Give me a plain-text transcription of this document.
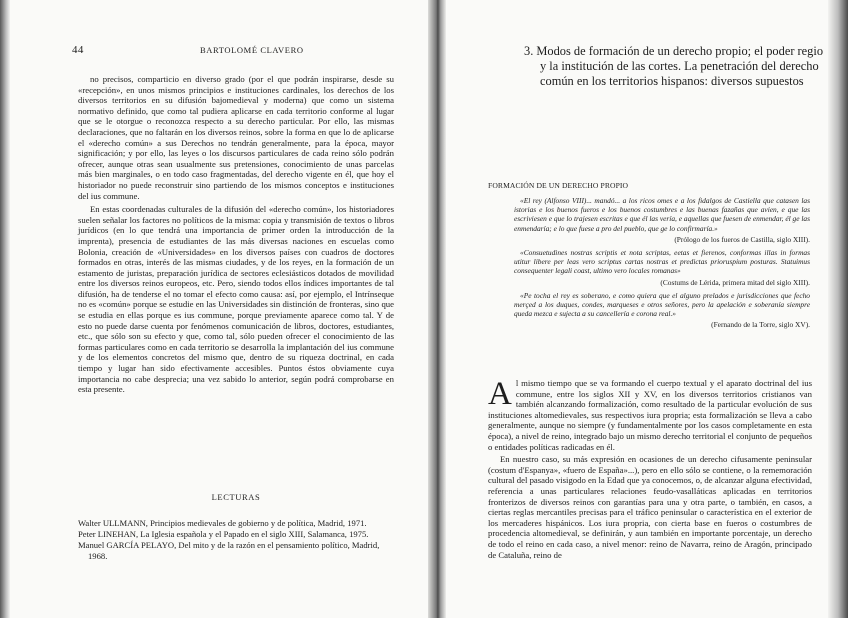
44	BARTOLOMÉ CLAVERO

no precisos, comparticio en diverso grado (por el que podrán inspirarse, desde su «recepción», en unos mismos principios e instituciones cardinales, los derechos de los diversos territorios en su difusión bajomedieval y moderna) que como un sistema normativo definido, que como tal pudiera aplicarse en cada territorio conforme al lugar que se le otorgue o reconozca respecto a su derecho particular. Por ello, las mismas declaraciones, que no faltarán en los diversos reinos, sobre la forma en que lo de aplicarse el «derecho común» a sus Derechos no tendrán generalmente, para la época, mayor significación; y por ello, las leyes o los discursos particulares de cada reino sólo podrán ofrecer, aunque otras sean usualmente sus pretensiones, conocimiento de unas parcelas más bien marginales, o en todo caso fragmentadas, del derecho vigente en él, que hoy el historiador no puede reconstruir sino partiendo de los mismos conceptos e instituciones del ius commune.

En estas coordenadas culturales de la difusión del «derecho común», los historiadores suelen señalar los factores no políticos de la misma: copia y transmisión de textos o libros jurídicos (en lo que tendrá una importancia de primer orden la introducción de la imprenta), presencia de estudiantes de las más diversas naciones en escuelas como Bolonia, creación de «Universidades» en los diversos países con cuadros de doctores formados en otras, interés de las mismas ciudades, y de los reyes, en la formación de un estamento de juristas, preparación jurídica de sectores eclesiásticos dotados de movilidad entre los diversos reinos europeos, etc. Pero, siendo todos ellos índices importantes de tal difusión, ha de tenderse el no tomar el efecto como causa: así, por ejemplo, el Intrínseque no es «común» porque se estudie en las Universidades sin distinción de fronteras, sino que se estudia en ellas porque es ius commune, porque previamente aparece como tal. Y de esto no puede darse cuenta por fenómenos comunicación de libros, doctores, estudiantes, etc., que sólo son su efecto y que, como tal, sólo pueden ofrecer el conocimiento de las formas particulares como en cada territorio se desarrolla la implantación del ius commune y de los elementos concretos del mismo que, dentro de su riqueza doctrinal, en cada tiempo y lugar han sido efectivamente accesibles. Puntos éstos obviamente cuya importancia no cabe desprecia; una vez sabido lo anterior, según podrá comprobarse en esta presente.

LECTURAS

Walter ULLMANN, Principios medievales de gobierno y de política, Madrid, 1971.

Peter LINEHAN, La Iglesia española y el Papado en el siglo XIII, Salamanca, 1975.

Manuel GARCÍA PELAYO, Del mito y de la razón en el pensamiento político, Madrid, 1968.

3. Modos de formación de un derecho propio; el poder regio y la institución de las cortes. La penetración del derecho común en los territorios hispanos: diversos supuestos
FORMACIÓN DE UN DERECHO PROPIO

«El rey (Alfonso VIII)... mandó... a los ricos omes e a los fidalgos de Castiella que catasen las istorias e los buenos fueros e los buenos costumbres e las buenas fazañas que avien, e que las escriviesen e que lo trajesen escritas e que él las vería, e aquellas que fuesen de enmendar, él ge las enmendaría; e lo que fuese a pro del pueblo, que ge lo confirmaría.»

(Prólogo de los fueros de Castilla, siglo XIII).

«Consuetudines nostras scriptis et nota scriptas, eetas et fierenos, conformas illas in formas utitur libere per leas vero scriptus cartas nostras et predictas prioruspium posturas. Statuimus consequenter legali coast, ultimo vero locales romanas»

(Costums de Lérida, primera mitad del siglo XIII).

«Pe tocha el rey es soberano, e como quiera que el alguno prelados e jurisdicciones que fecho merçed a los duques, condes, marqueses e otros señores, pero la apelación e soberanía siempre queda mezca e sujecta a su cancellería e corona real.»

(Fernando de la Torre, siglo XV).

Al mismo tiempo que se va formando el cuerpo textual y el aparato doctrinal del ius commune, entre los siglos XII y XV, en los diversos territorios cristianos van también alcanzando formalización, como resultado de la particular evolución de sus instituciones altomedievales, sus respectivos iura propria; esta formalización se lleva a cabo generalmente, aunque no siempre (y fundamentalmente por los casos completamente en esta época), a nivel de reino, integrado bajo un mismo derecho territorial el conjunto de pequeños o entidades políticas radicadas en él.

En nuestro caso, su más expresión en ocasiones de un derecho cifusamente peninsular (costum d'Espanya», «fuero de España»...), pero en ello sólo se contiene, o la rememoración cultural del pasado visigodo en la Edad que ya conocemos, o, de alcanzar alguna efectividad, referencia a unas particulares relaciones feudo-vasalláticas aplicadas en territorios fronterizos de diversos reinos con garantías para una y otra parte, o también, en casos, a ciertas reglas mercantiles precisas para el tráfico peninsular o característica en el exterior de los mercaderes hispánicos. Los iura propria, con cierta base en fueros o costumbres de procedencia altomedieval, se definirán, y aun también en importante porcentaje, un derecho de todo el reino en cada caso, a nivel menor: reino de Navarra, reino de Aragón, principado de Cataluña, reino de
